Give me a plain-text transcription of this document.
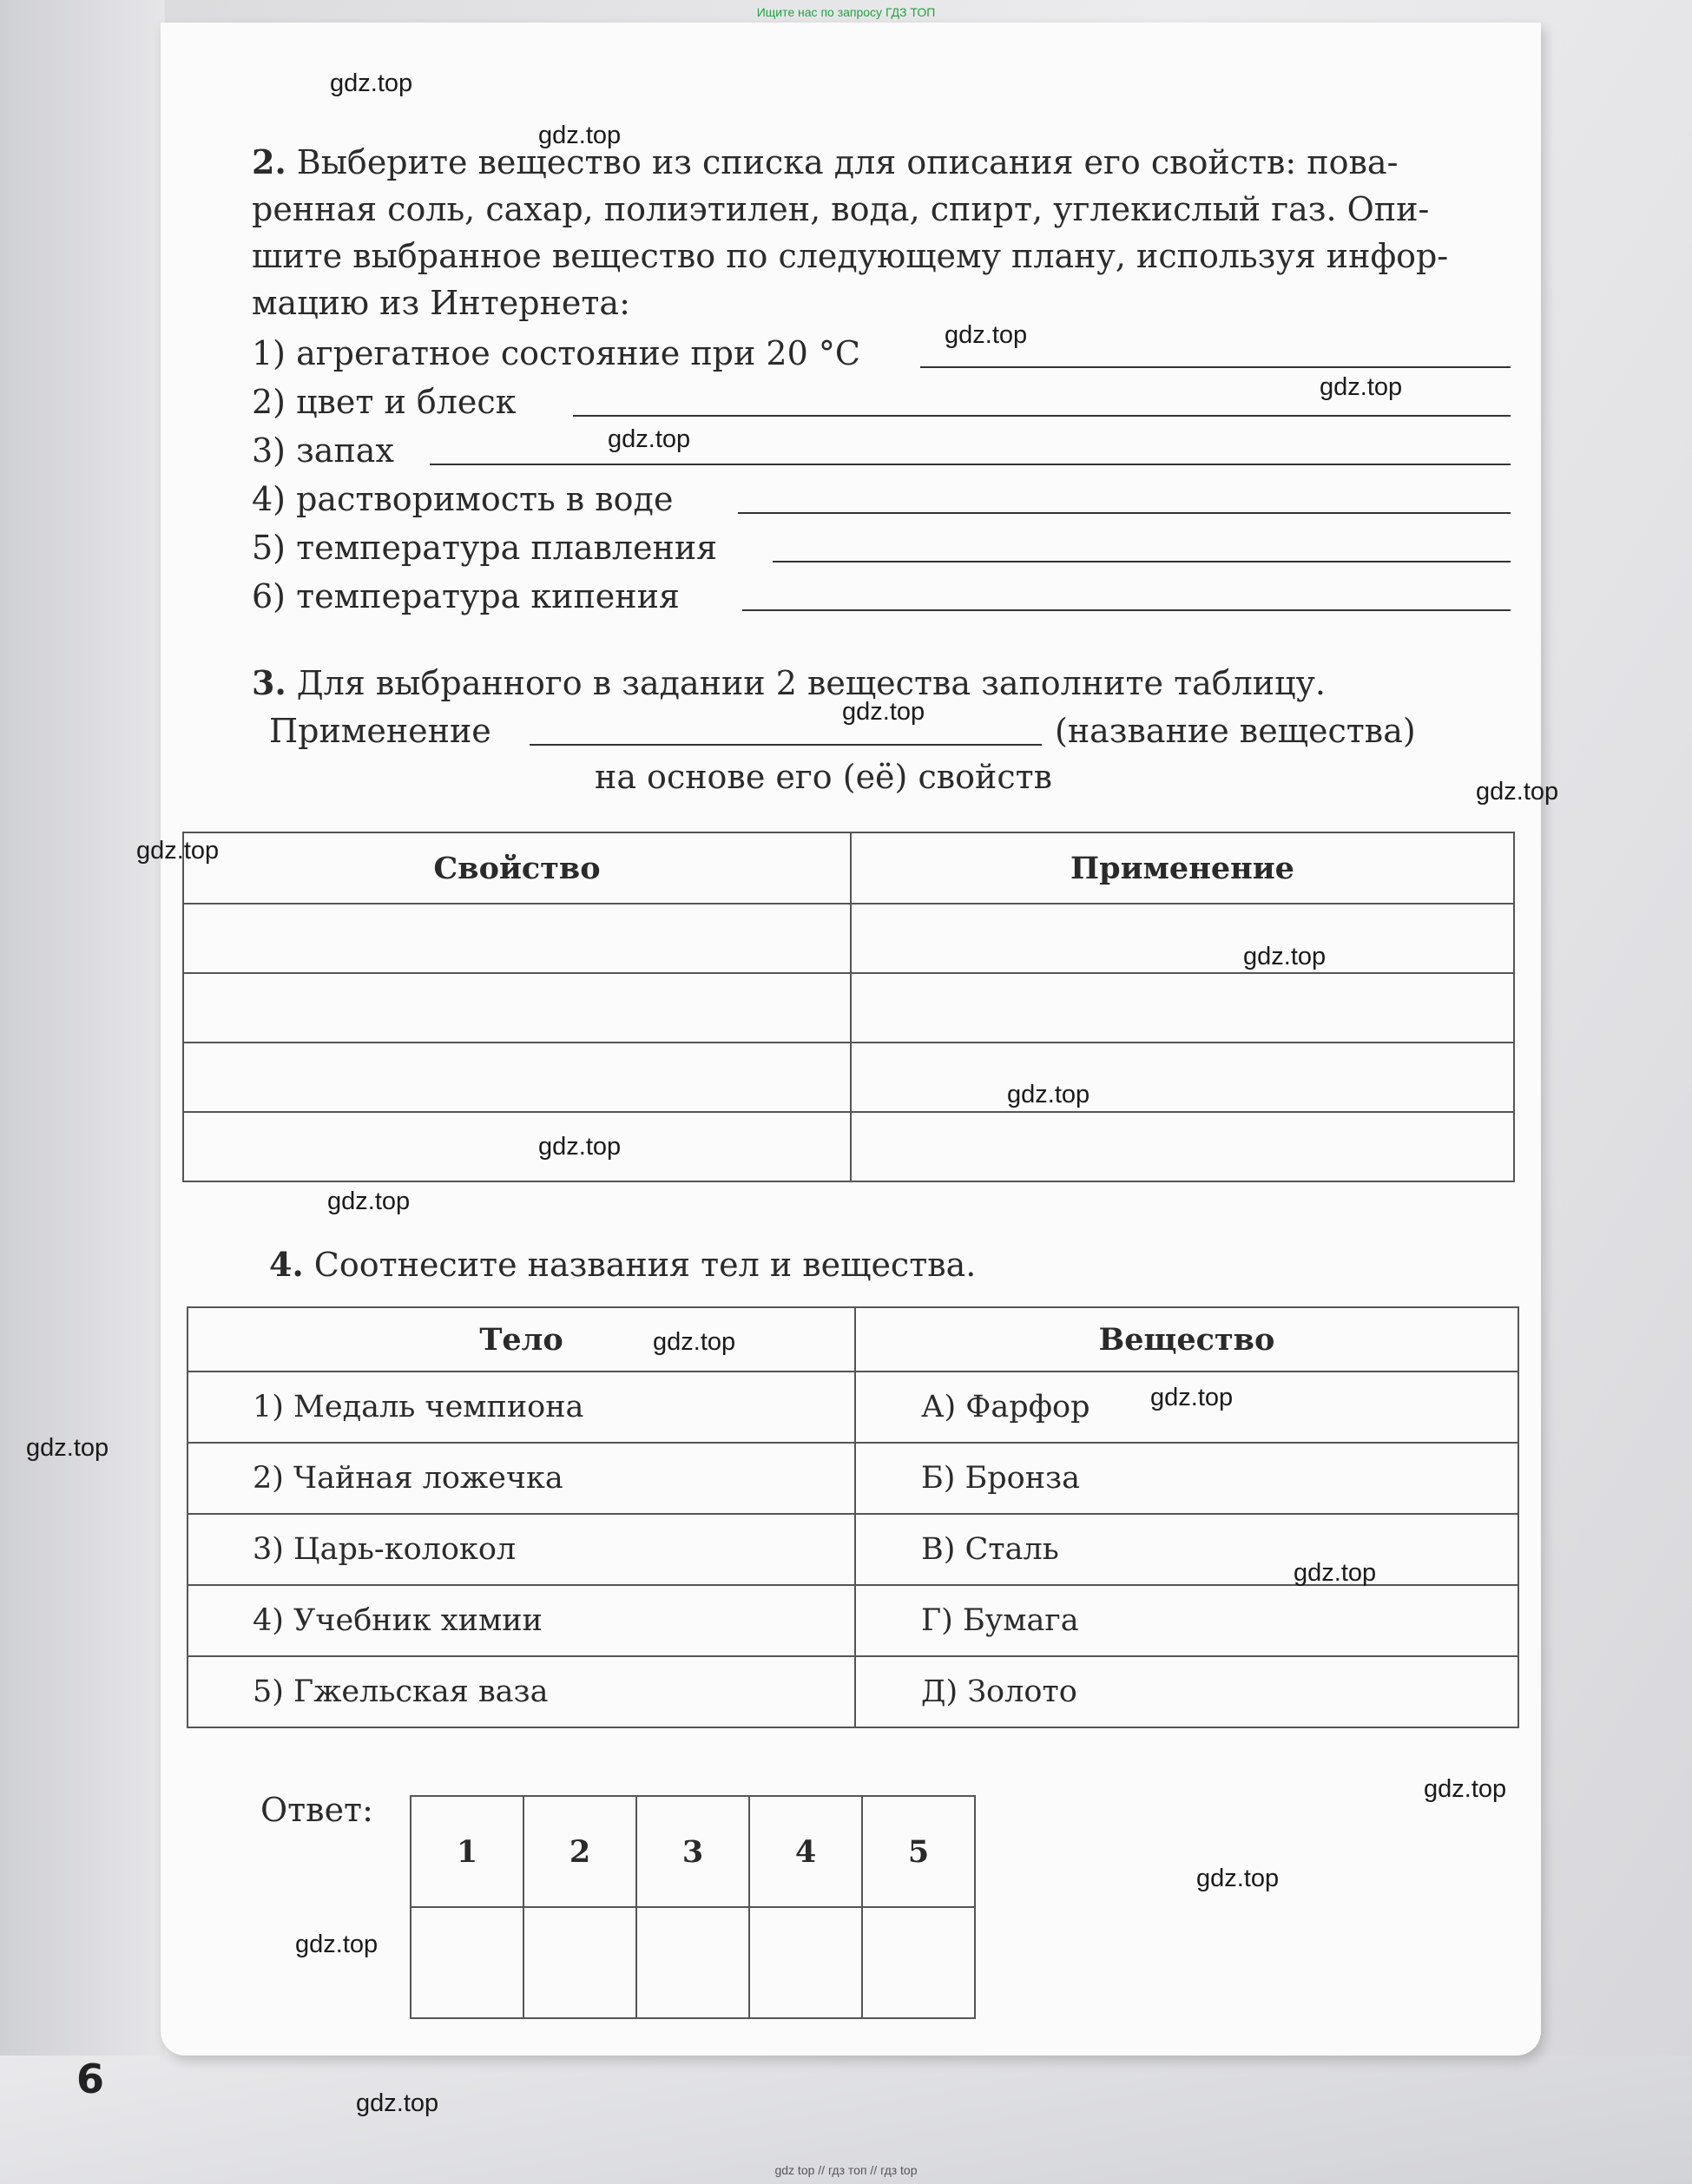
Ищите нас по запросу ГДЗ ТОП
2. Выберите вещество из списка для описания его свойств: пова-
ренная соль, сахар, полиэтилен, вода, спирт, углекислый газ. Опи-
шите выбранное вещество по следующему плану, используя инфор-
мацию из Интернета:
1) агрегатное состояние при 20 °С
2) цвет и блеск
3) запах
4) растворимость в воде
5) температура плавления
6) температура кипения
3. Для выбранного в задании 2 вещества заполните таблицу.
Применение	(название вещества)
на основе его (её) свойств
Свойство	Применение

4. Соотнесите названия тел и вещества.
Тело	Вещество
1) Медаль чемпиона	А) Фарфор
2) Чайная ложечка	Б) Бронза
3) Царь-колокол	В) Сталь
4) Учебник химии	Г) Бумага
5) Гжельская ваза	Д) Золото
Ответ:
1	2	3	4	5

6
gdz.top
gdz.top
gdz.top
gdz.top
gdz.top
gdz.top
gdz.top
gdz.top
gdz.top
gdz.top
gdz.top
gdz.top
gdz.top
gdz.top
gdz.top
gdz.top
gdz.top
gdz.top
gdz.top
gdz.top
gdz top // гдз топ // гдз top
